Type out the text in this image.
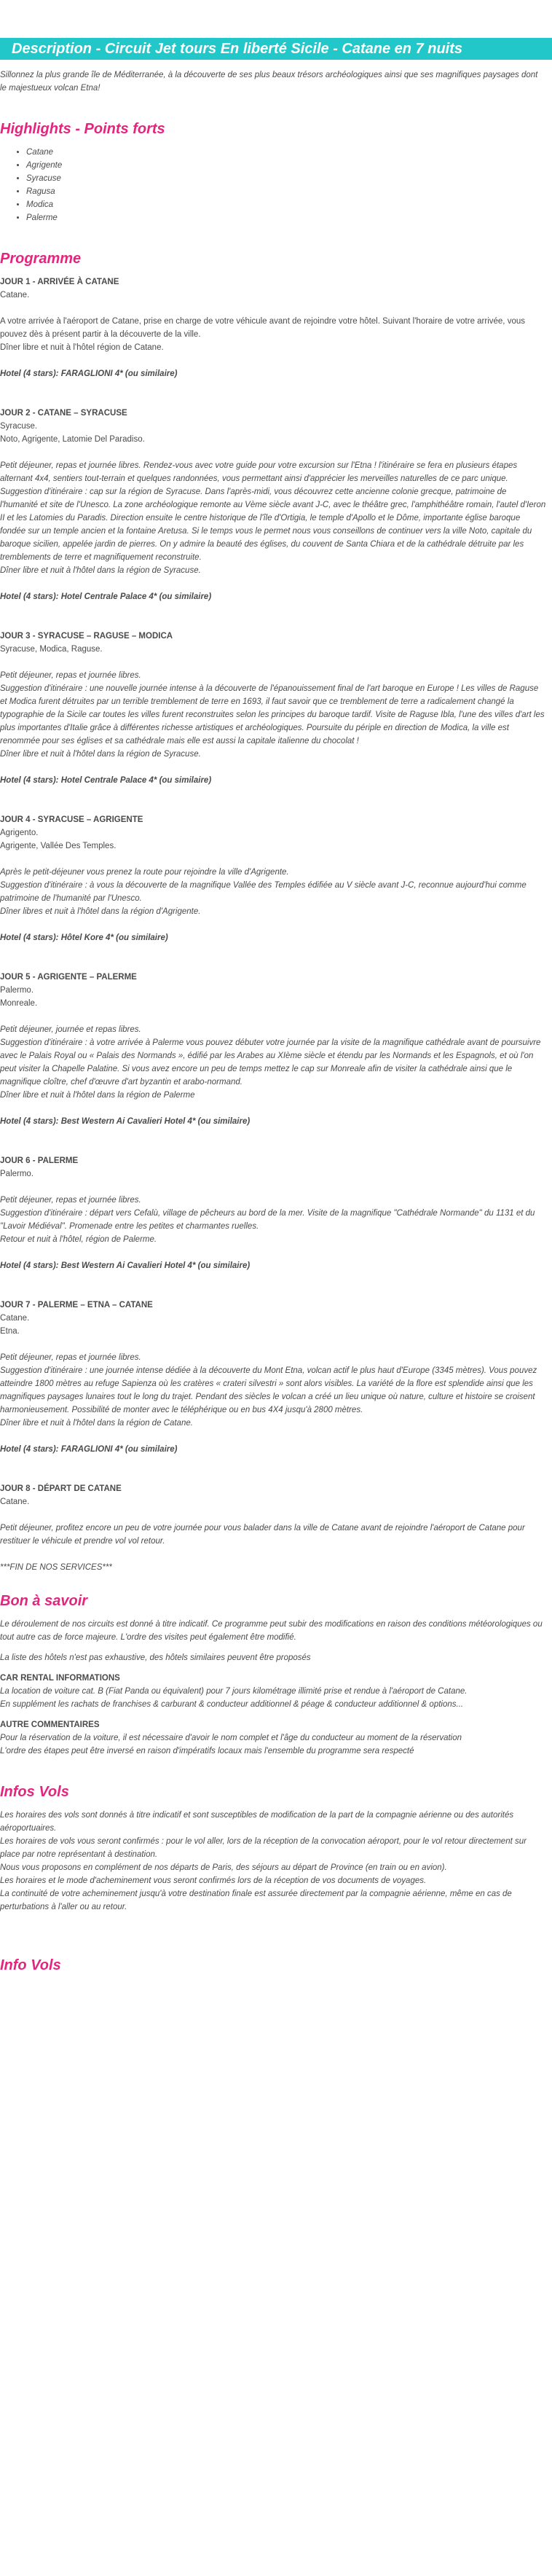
Description - Circuit Jet tours En liberté Sicile - Catane en 7 nuits

Sillonnez la plus grande île de Méditerranée, à la découverte de ses plus beaux trésors archéologiques ainsi que ses magnifiques paysages dont le majestueux volcan Etna!

Highlights - Points forts
• Catane
• Agrigente
• Syracuse
• Ragusa
• Modica
• Palerme
Programme
JOUR 1 - ARRIVÉE À CATANE

Catane.

A votre arrivée à l'aéroport de Catane, prise en charge de votre véhicule avant de rejoindre votre hôtel. Suivant l'horaire de votre arrivée, vous pouvez dès à présent partir à la découverte de la ville.

Dîner libre et nuit à l'hôtel région de Catane.

Hotel (4 stars): FARAGLIONI 4* (ou similaire)

JOUR 2 - CATANE – SYRACUSE

Syracuse.

Noto, Agrigente, Latomie Del Paradiso.

Petit déjeuner, repas et journée libres. Rendez-vous avec votre guide pour votre excursion sur l'Etna ! l'itinéraire se fera en plusieurs étapes alternant 4x4, sentiers tout-terrain et quelques randonnées, vous permettant ainsi d'apprécier les merveilles naturelles de ce parc unique.

Suggestion d'itinéraire : cap sur la région de Syracuse. Dans l'après-midi, vous découvrez cette ancienne colonie grecque, patrimoine de l'humanité et site de l'Unesco. La zone archéologique remonte au Vème siècle avant J-C, avec le théâtre grec, l'amphithéâtre romain, l'autel d'Ieron II et les Latomies du Paradis. Direction ensuite le centre historique de l'île d'Ortigia, le temple d'Apollo et le Dôme, importante église baroque fondée sur un temple ancien et la fontaine Aretusa. Si le temps vous le permet nous vous conseillons de continuer vers la ville Noto, capitale du baroque sicilien, appelée jardin de pierres. On y admire la beauté des églises, du couvent de Santa Chiara et de la cathédrale détruite par les tremblements de terre et magnifiquement reconstruite.

Dîner libre et nuit à l'hôtel dans la région de Syracuse.

Hotel (4 stars): Hotel Centrale Palace 4* (ou similaire)

JOUR 3 - SYRACUSE – RAGUSE – MODICA

Syracuse, Modica, Raguse.

Petit déjeuner, repas et journée libres.

Suggestion d'itinéraire : une nouvelle journée intense à la découverte de l'épanouissement final de l'art baroque en Europe ! Les villes de Raguse et Modica furent détruites par un terrible tremblement de terre en 1693, il faut savoir que ce tremblement de terre a radicalement changé la typographie de la Sicile car toutes les villes furent reconstruites selon les principes du baroque tardif. Visite de Raguse Ibla, l'une des villes d'art les plus importantes d'Italie grâce à différentes richesse artistiques et archéologiques. Poursuite du périple en direction de Modica, la ville est renommée pour ses églises et sa cathédrale mais elle est aussi la capitale italienne du chocolat !

Dîner libre et nuit à l'hôtel dans la région de Syracuse.

Hotel (4 stars): Hotel Centrale Palace 4* (ou similaire)

JOUR 4 - SYRACUSE – AGRIGENTE

Agrigento.

Agrigente, Vallée Des Temples.

Après le petit-déjeuner vous prenez la route pour rejoindre la ville d'Agrigente.

Suggestion d'itinéraire : à vous la découverte de la magnifique Vallée des Temples édifiée au V siècle avant J-C, reconnue aujourd'hui comme patrimoine de l'humanité par l'Unesco.

Dîner libres et nuit à l'hôtel dans la région d'Agrigente.

Hotel (4 stars): Hôtel Kore 4* (ou similaire)

JOUR 5 - AGRIGENTE – PALERME

Palermo.

Monreale.

Petit déjeuner, journée et repas libres.

Suggestion d'itinéraire : à votre arrivée à Palerme vous pouvez débuter votre journée par la visite de la magnifique cathédrale avant de poursuivre avec le Palais Royal ou « Palais des Normands », édifié par les Arabes au XIème siècle et étendu par les Normands et les Espagnols, et où l'on peut visiter la Chapelle Palatine. Si vous avez encore un peu de temps mettez le cap sur Monreale afin de visiter la cathédrale ainsi que le magnifique cloître, chef d'œuvre d'art byzantin et arabo-normand.

Dîner libre et nuit à l'hôtel dans la région de Palerme

Hotel (4 stars): Best Western Ai Cavalieri Hotel 4* (ou similaire)

JOUR 6 - PALERME

Palermo.

Petit déjeuner, repas et journée libres.

Suggestion d'itinéraire : départ vers Cefalù, village de pêcheurs au bord de la mer. Visite de la magnifique "Cathédrale Normande" du 1131 et du "Lavoir Médiéval". Promenade entre les petites et charmantes ruelles.

Retour et nuit à l'hôtel, région de Palerme.

Hotel (4 stars): Best Western Ai Cavalieri Hotel 4* (ou similaire)

JOUR 7 - PALERME – ETNA – CATANE

Catane.

Etna.

Petit déjeuner, repas et journée libres.

Suggestion d'itinéraire : une journée intense dédiée à la découverte du Mont Etna, volcan actif le plus haut d'Europe (3345 mètres). Vous pouvez atteindre 1800 mètres au refuge Sapienza où les cratères « crateri silvestri » sont alors visibles. La variété de la flore est splendide ainsi que les magnifiques paysages lunaires tout le long du trajet. Pendant des siècles le volcan a créé un lieu unique où nature, culture et histoire se croisent harmonieusement. Possibilité de monter avec le téléphérique ou en bus 4X4 jusqu'à 2800 mètres.

Dîner libre et nuit à l'hôtel dans la région de Catane.

Hotel (4 stars): FARAGLIONI 4* (ou similaire)

JOUR 8 - DÉPART DE CATANE

Catane.

Petit déjeuner, profitez encore un peu de votre journée pour vous balader dans la ville de Catane avant de rejoindre l'aéroport de Catane pour restituer le véhicule et prendre vol vol retour.

***FIN DE NOS SERVICES***

Bon à savoir

Le déroulement de nos circuits est donné à titre indicatif. Ce programme peut subir des modifications en raison des conditions météorologiques ou tout autre cas de force majeure. L'ordre des visites peut également être modifié.

La liste des hôtels n'est pas exhaustive, des hôtels similaires peuvent être proposés

CAR RENTAL INFORMATIONS

La location de voiture cat. B (Fiat Panda ou équivalent) pour 7 jours kilométrage illimité prise et rendue à l'aéroport de Catane.

En supplément les rachats de franchises & carburant & conducteur additionnel & péage & conducteur additionnel & options...

AUTRE COMMENTAIRES

Pour la réservation de la voiture, il est nécessaire d'avoir le nom complet et l'âge du conducteur au moment de la réservation

L'ordre des étapes peut être inversé en raison d'impératifs locaux mais l'ensemble du programme sera respecté

Infos Vols

Les horaires des vols sont donnés à titre indicatif et sont susceptibles de modification de la part de la compagnie aérienne ou des autorités aéroportuaires.

Les horaires de vols vous seront confirmés : pour le vol aller, lors de la réception de la convocation aéroport, pour le vol retour directement sur place par notre représentant à destination.

Nous vous proposons en complément de nos départs de Paris, des séjours au départ de Province (en train ou en avion).

Les horaires et le mode d'acheminement vous seront confirmés lors de la réception de vos documents de voyages.

La continuité de votre acheminement jusqu'à votre destination finale est assurée directement par la compagnie aérienne, même en cas de perturbations à l'aller ou au retour.

Info Vols
